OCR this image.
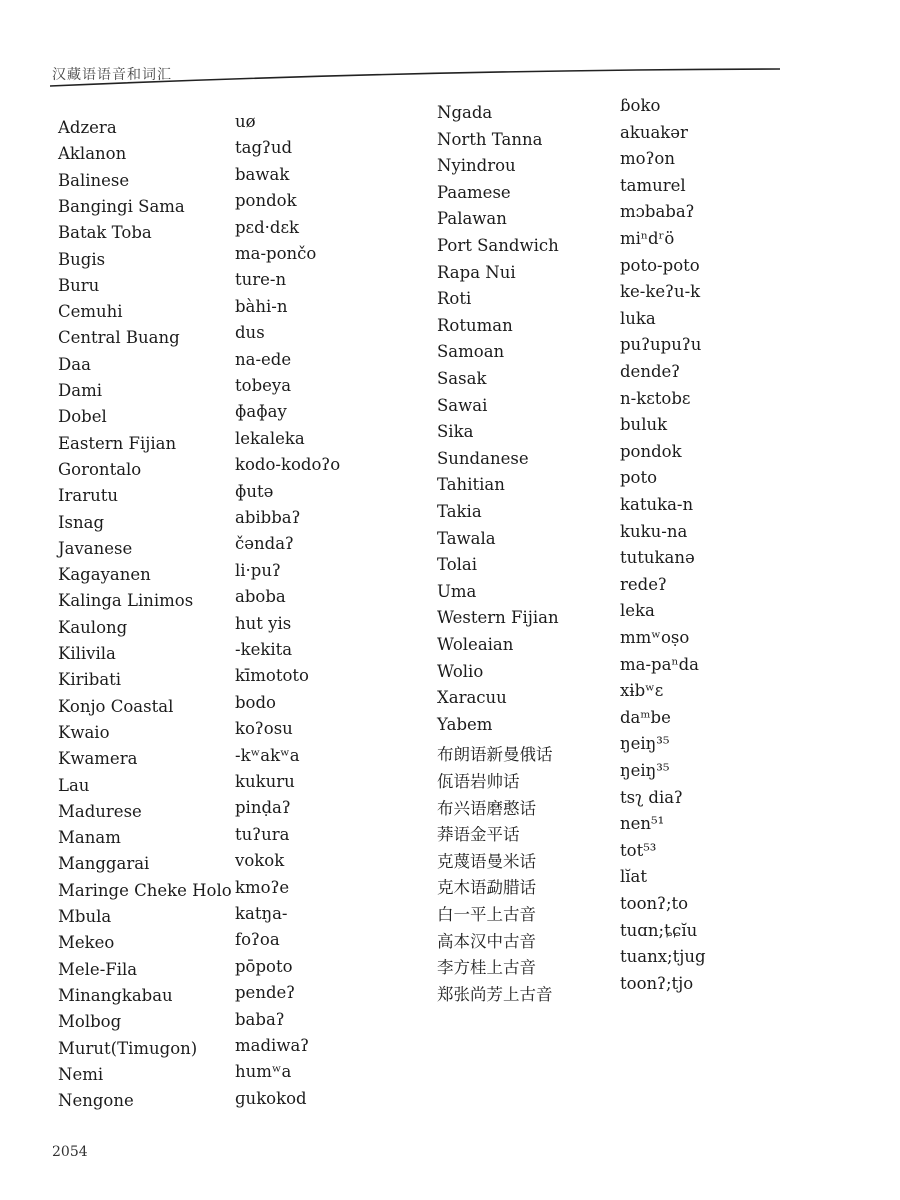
汉藏语语音和词汇
Adzera
Aklanon
Balinese
Bangingi Sama
Batak Toba
Bugis
Buru
Cemuhi
Central Buang
Daa
Dami
Dobel
Eastern Fijian
Gorontalo
Irarutu
Isnag
Javanese
Kagayanen
Kalinga Linimos
Kaulong
Kilivila
Kiribati
Konjo Coastal
Kwaio
Kwamera
Lau
Madurese
Manam
Manggarai
Maringe Cheke Holo
Mbula
Mekeo
Mele-Fila
Minangkabau
Molbog
Murut(Timugon)
Nemi
Nengone
uø
tagʔud
bawak
pondok
pɛd·dɛk
ma-pončo
ture-n
bàhi-n
dus
na-ede
tobeya
ɸaɸay
lekaleka
kodo-kodoʔo
ɸutə
abibbaʔ
čəndaʔ
li·puʔ
aboba
hut yis
-kekita
kīmototo
bodo
koʔosu
-kʷakʷa
kukuru
pinḍaʔ
tuʔura
vokok
kmoʔe
katŋa-
foʔoa
pōpoto
pendeʔ
babaʔ
madiwaʔ
humʷa
ɡukokod
Ngada
North Tanna
Nyindrou
Paamese
Palawan
Port Sandwich
Rapa Nui
Roti
Rotuman
Samoan
Sasak
Sawai
Sika
Sundanese
Tahitian
Takia
Tawala
Tolai
Uma
Western Fijian
Woleaian
Wolio
Xaracuu
Yabem
布朗语新曼俄话
佤语岩帅话
布兴语磨憨话
莽语金平话
克蔑语曼米话
克木语勐腊话
白一平上古音
高本汉中古音
李方桂上古音
郑张尚芳上古音
ɓoko
akuakər
moʔon
tamurel
mɔbabaʔ
miⁿdʳö
poto-poto
ke-keʔu-k
luka
puʔupuʔu
dendeʔ
n-kɛtobɛ
buluk
pondok
poto
katuka-n
kuku-na
tutukanə
redeʔ
leka
mmʷoṣo
ma-paⁿda
xɨbʷɛ
daᵐbe
ŋeiŋ³⁵
ŋeiŋ³⁵
tsʅ diaʔ
nen⁵¹
tot⁵³
lĭat
toonʔ;to
tuɑn;ȶɕĭu
tuanx;tjug
toonʔ;tjo
2054
